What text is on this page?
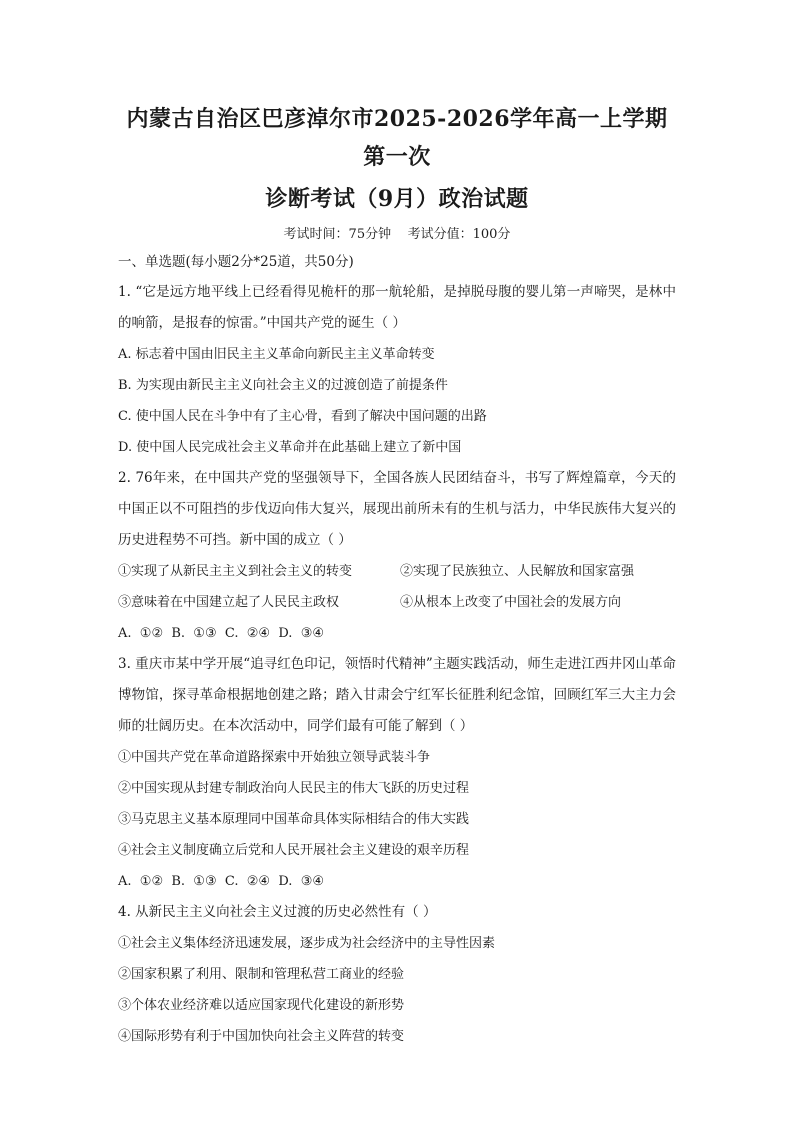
内蒙古自治区巴彦淖尔市2025-2026学年高一上学期第一次
诊断考试（9月）政治试题
考试时间：75分钟    考试分值：100分
一、单选题(每小题2分*25道，共50分)

1. “它是远方地平线上已经看得见桅杆的那一航轮船，是掉脱母腹的婴儿第一声啼哭，是林中的响箭，是报春的惊雷。”中国共产党的诞生（ ）

A. 标志着中国由旧民主主义革命向新民主主义革命转变

B. 为实现由新民主主义向社会主义的过渡创造了前提条件

C. 使中国人民在斗争中有了主心骨，看到了解决中国问题的出路

D. 使中国人民完成社会主义革命并在此基础上建立了新中国

2. 76年来，在中国共产党的坚强领导下，全国各族人民团结奋斗，书写了辉煌篇章，今天的中国正以不可阻挡的步伐迈向伟大复兴，展现出前所未有的生机与活力，中华民族伟大复兴的历史进程势不可挡。新中国的成立（ ）

①实现了从新民主主义到社会主义的转变	②实现了民族独立、人民解放和国家富强
③意味着在中国建立起了人民民主政权	④从根本上改变了中国社会的发展方向
A.  ①②  B.  ①③  C.  ②④  D.  ③④

3. 重庆市某中学开展“追寻红色印记，领悟时代精神”主题实践活动，师生走进江西井冈山革命博物馆，探寻革命根据地创建之路；踏入甘肃会宁红军长征胜利纪念馆，回顾红军三大主力会师的壮阔历史。在本次活动中，同学们最有可能了解到（ ）

①中国共产党在革命道路探索中开始独立领导武装斗争

②中国实现从封建专制政治向人民民主的伟大飞跃的历史过程

③马克思主义基本原理同中国革命具体实际相结合的伟大实践

④社会主义制度确立后党和人民开展社会主义建设的艰辛历程

A.  ①②  B.  ①③  C.  ②④  D.  ③④

4. 从新民主主义向社会主义过渡的历史必然性有（ ）

①社会主义集体经济迅速发展，逐步成为社会经济中的主导性因素

②国家积累了利用、限制和管理私营工商业的经验

③个体农业经济难以适应国家现代化建设的新形势

④国际形势有利于中国加快向社会主义阵营的转变
